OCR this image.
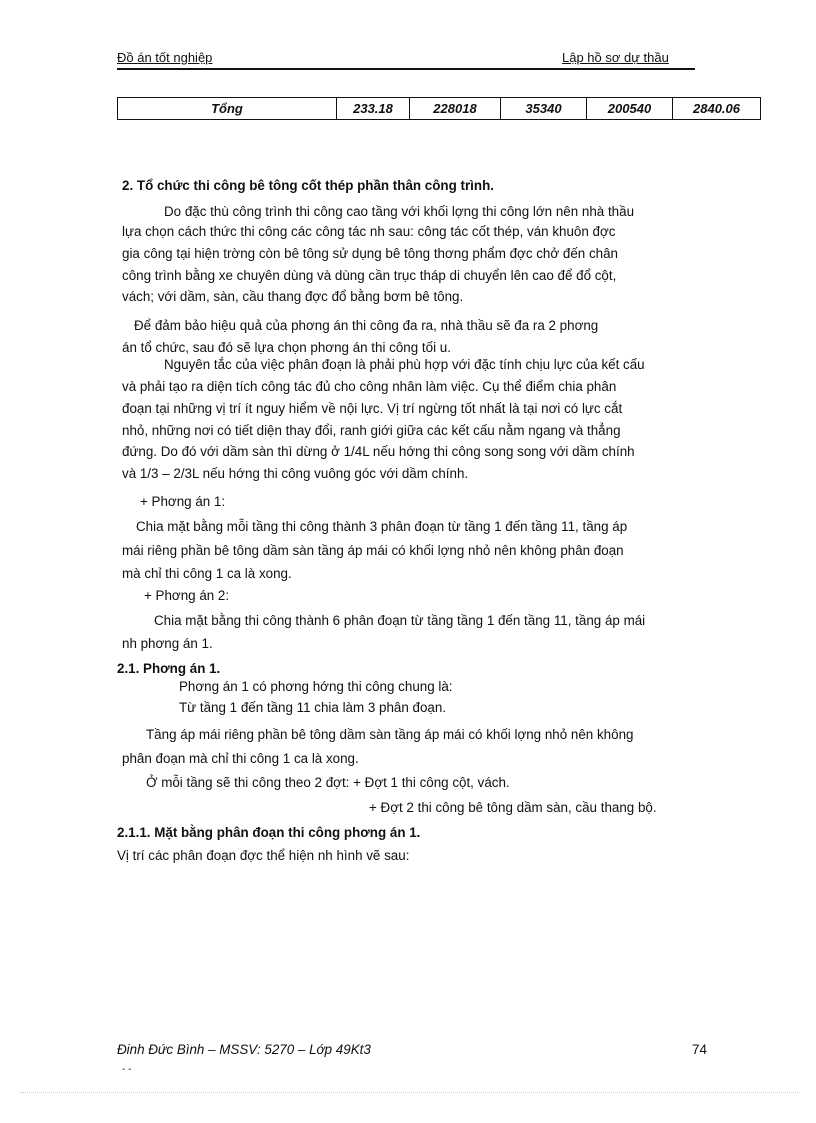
Đồ án tốt nghiệp	Lập hồ sơ dự thầu
Tổng	233.18	228018	35340	200540	2840.06
2. Tổ chức thi công bê tông cốt thép phần thân công trình.
Do đặc thù công trình thi công cao tầng với khối lợng thi công lớn nên nhà thầu
lựa chọn cách thức thi công các công tác nh sau: công tác cốt thép, ván khuôn đợc
gia công tại hiện trờng còn bê tông sử dụng bê tông thơng phẩm đợc chở đến chân
công trình bằng xe chuyên dùng và dùng cần trục tháp di chuyển lên cao để đổ cột,
vách; với dầm, sàn, cầu thang đợc đổ bằng bơm bê tông.
Để đảm bảo hiệu quả của phơng án thi công đa ra, nhà thầu sẽ đa ra 2 phơng
án tổ chức, sau đó sẽ lựa chọn phơng án thi công tối u.
Nguyên tắc của việc phân đoạn là phải phù hợp với đặc tính chịu lực của kết cấu
và phải tạo ra diện tích công tác đủ cho công nhân làm việc. Cụ thể điểm chia phân
đoạn tại những vị trí ít nguy hiểm về nội lực. Vị trí ngừng tốt nhất là tại nơi có lực cắt
nhỏ, những nơi có tiết diện thay đổi, ranh giới giữa các kết cấu nằm ngang và thẳng
đứng. Do đó với dầm sàn thì dừng ở 1/4L nếu hớng thi công song song với dầm chính
và 1/3 – 2/3L nếu hớng thi công vuông góc với dầm chính.
+ Phơng án 1:
Chia mặt bằng mỗi tầng thi công thành 3 phân đoạn từ tầng 1 đến tầng 11, tầng áp
mái riêng phần bê tông dầm sàn tầng áp mái có khối lợng nhỏ nên không phân đoạn
mà chỉ thi công 1 ca là xong.
+ Phơng án 2:
Chia mặt bằng thi công thành 6 phân đoạn từ tầng tầng 1 đến tầng 11, tầng áp mái
nh phơng án 1.
2.1. Phơng án 1.
Phơng án 1 có phơng hớng thi công chung là:
Từ tầng 1 đến tầng 11 chia làm 3 phân đoạn.
Tầng áp mái riêng phần bê tông dầm sàn tầng áp mái có khối lợng nhỏ nên không
phân đoạn mà chỉ thi công 1 ca là xong.
Ở mỗi tầng sẽ thi công theo 2 đợt: + Đợt 1 thi công cột, vách.
+ Đợt 2 thi công bê tông dầm sàn, cầu thang bộ.
2.1.1. Mặt bằng phân đoạn thi công phơng án 1.
Vị trí các phân đoạn đợc thể hiện nh hình vẽ sau:
Đinh Đức Bình – MSSV: 5270 – Lớp 49Kt3	74
- -
